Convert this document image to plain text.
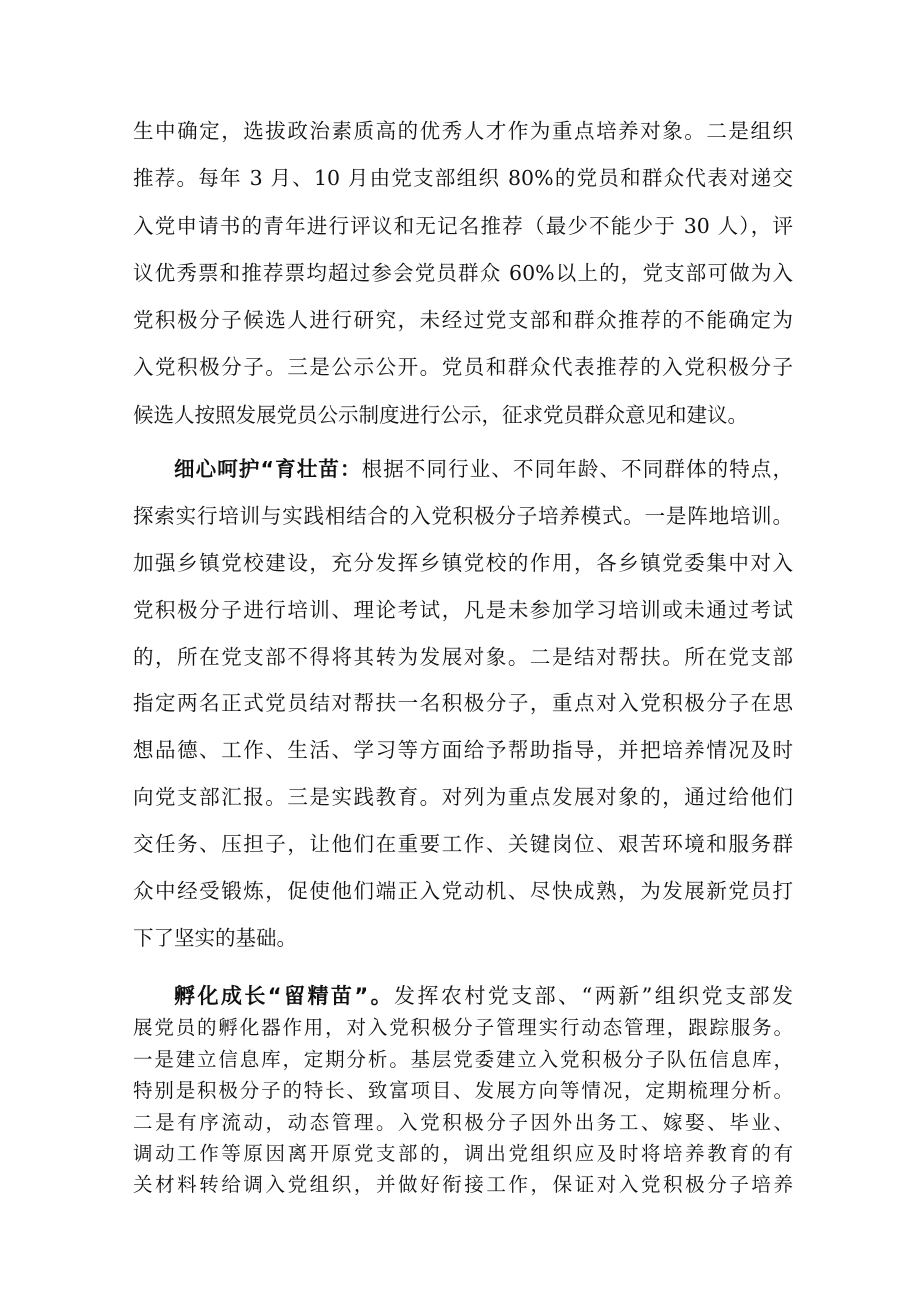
生中确定，选拔政治素质高的优秀人才作为重点培养对象。二是组织
推荐。每年 3 月、10 月由党支部组织 80%的党员和群众代表对递交
入党申请书的青年进行评议和无记名推荐（最少不能少于 30 人），评
议优秀票和推荐票均超过参会党员群众 60%以上的，党支部可做为入
党积极分子候选人进行研究，未经过党支部和群众推荐的不能确定为
入党积极分子。三是公示公开。党员和群众代表推荐的入党积极分子
候选人按照发展党员公示制度进行公示，征求党员群众意见和建议。
细心呵护“育壮苗：根据不同行业、不同年龄、不同群体的特点，
探索实行培训与实践相结合的入党积极分子培养模式。一是阵地培训。
加强乡镇党校建设，充分发挥乡镇党校的作用，各乡镇党委集中对入
党积极分子进行培训、理论考试，凡是未参加学习培训或未通过考试
的，所在党支部不得将其转为发展对象。二是结对帮扶。所在党支部
指定两名正式党员结对帮扶一名积极分子，重点对入党积极分子在思
想品德、工作、生活、学习等方面给予帮助指导，并把培养情况及时
向党支部汇报。三是实践教育。对列为重点发展对象的，通过给他们
交任务、压担子，让他们在重要工作、关键岗位、艰苦环境和服务群
众中经受锻炼，促使他们端正入党动机、尽快成熟，为发展新党员打
下了坚实的基础。
孵化成长“留精苗”。发挥农村党支部、“两新”组织党支部发
展党员的孵化器作用，对入党积极分子管理实行动态管理，跟踪服务。
一是建立信息库，定期分析。基层党委建立入党积极分子队伍信息库，
特别是积极分子的特长、致富项目、发展方向等情况，定期梳理分析。
二是有序流动，动态管理。入党积极分子因外出务工、嫁娶、毕业、
调动工作等原因离开原党支部的，调出党组织应及时将培养教育的有
关材料转给调入党组织，并做好衔接工作，保证对入党积极分子培养
